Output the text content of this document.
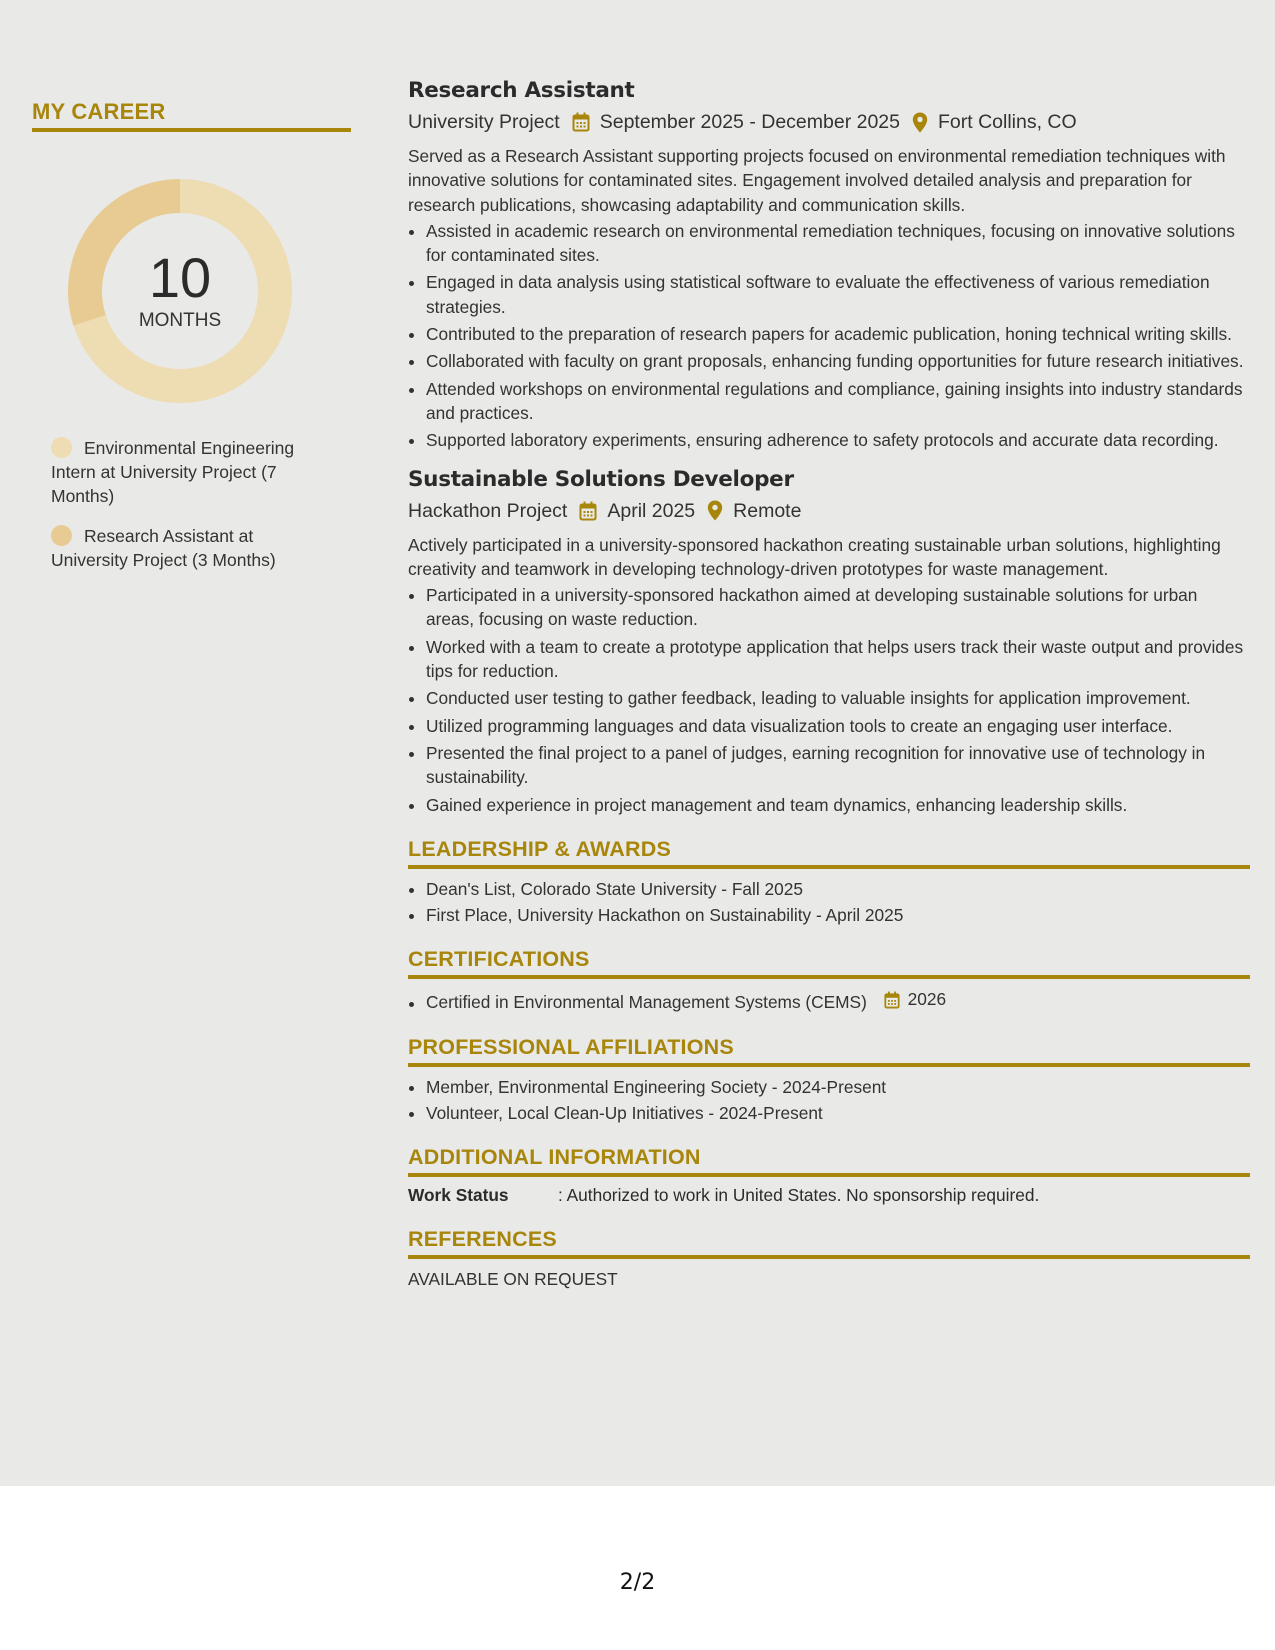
MY CAREER
10
MONTHS
Environmental Engineering Intern at University Project (7 Months)
Research Assistant at University Project (3 Months)
Research Assistant
University Project September 2025 - December 2025 Fort Collins, CO
Served as a Research Assistant supporting projects focused on environmental remediation techniques with innovative solutions for contaminated sites. Engagement involved detailed analysis and preparation for research publications, showcasing adaptability and communication skills.
• Assisted in academic research on environmental remediation techniques, focusing on innovative solutions for contaminated sites.
• Engaged in data analysis using statistical software to evaluate the effectiveness of various remediation strategies.
• Contributed to the preparation of research papers for academic publication, honing technical writing skills.
• Collaborated with faculty on grant proposals, enhancing funding opportunities for future research initiatives.
• Attended workshops on environmental regulations and compliance, gaining insights into industry standards and practices.
• Supported laboratory experiments, ensuring adherence to safety protocols and accurate data recording.
Sustainable Solutions Developer
Hackathon Project April 2025 Remote
Actively participated in a university-sponsored hackathon creating sustainable urban solutions, highlighting creativity and teamwork in developing technology-driven prototypes for waste management.
• Participated in a university-sponsored hackathon aimed at developing sustainable solutions for urban areas, focusing on waste reduction.
• Worked with a team to create a prototype application that helps users track their waste output and provides tips for reduction.
• Conducted user testing to gather feedback, leading to valuable insights for application improvement.
• Utilized programming languages and data visualization tools to create an engaging user interface.
• Presented the final project to a panel of judges, earning recognition for innovative use of technology in sustainability.
• Gained experience in project management and team dynamics, enhancing leadership skills.
LEADERSHIP & AWARDS
• Dean's List, Colorado State University - Fall 2025
• First Place, University Hackathon on Sustainability - April 2025
CERTIFICATIONS
• Certified in Environmental Management Systems (CEMS) 2026
PROFESSIONAL AFFILIATIONS
• Member, Environmental Engineering Society - 2024-Present
• Volunteer, Local Clean-Up Initiatives - 2024-Present
ADDITIONAL INFORMATION
Work Status	: Authorized to work in United States. No sponsorship required.
REFERENCES
AVAILABLE ON REQUEST
2/2
